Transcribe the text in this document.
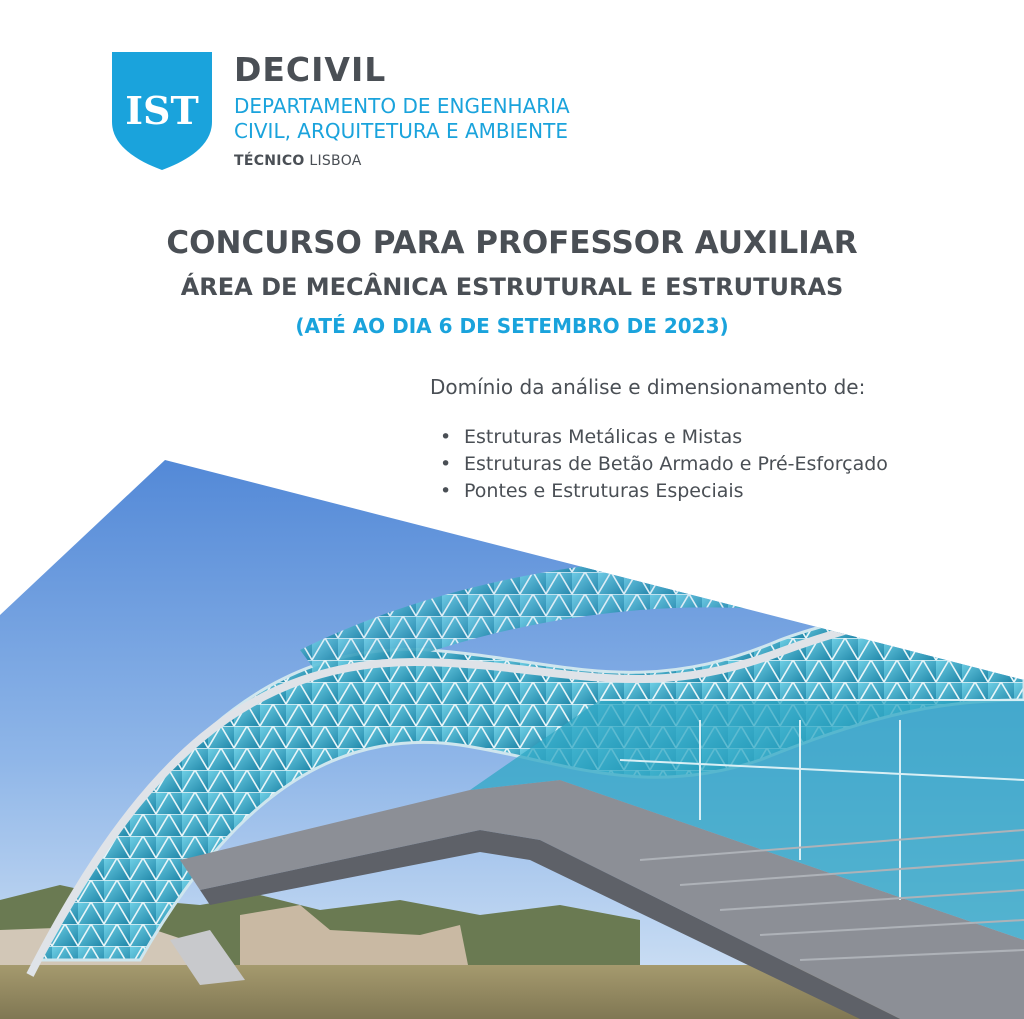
IST
DECIVIL
DEPARTAMENTO DE ENGENHARIA
CIVIL, ARQUITETURA E AMBIENTE
TÉCNICO LISBOA
CONCURSO PARA PROFESSOR AUXILIAR
ÁREA DE MECÂNICA ESTRUTURAL E ESTRUTURAS
(ATÉ AO DIA 6 DE SETEMBRO DE 2023)
Domínio da análise e dimensionamento de:
• Estruturas Metálicas e Mistas
• Estruturas de Betão Armado e Pré-Esforçado
• Pontes e Estruturas Especiais
